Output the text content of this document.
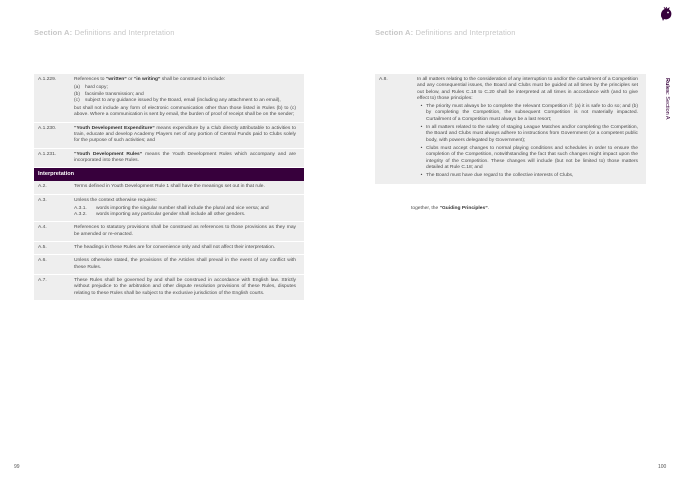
Section A: Definitions and Interpretation
A.1.229.	References to “written” or “in writing” shall be construed to include:

(a)	hard copy;
(b)	facsimile transmission; and
(c)	subject to any guidance issued by the Board, email (including any attachment to an email),

but shall not include any form of electronic communication other than those listed in Rules (b) to (c) above. Where a communication is sent by email, the burden of proof of receipt shall be on the sender;

A.1.230.	“Youth Development Expenditure” means expenditure by a Club directly attributable to activities to train, educate and develop Academy Players net of any portion of Central Funds paid to Clubs solely for the purpose of such activities; and
A.1.231.	“Youth Development Rules” means the Youth Development Rules which accompany and are incorporated into these Rules.
Interpretation
A.2.	Terms defined in Youth Development Rule 1 shall have the meanings set out in that rule.
A.3.	Unless the context otherwise requires:

A.3.1.	words importing the singular number shall include the plural and vice versa; and
A.3.2.	words importing any particular gender shall include all other genders.
A.4.	References to statutory provisions shall be construed as references to those provisions as they may be amended or re-enacted.
A.5.	The headings in these Rules are for convenience only and shall not affect their interpretation.
A.6.	Unless otherwise stated, the provisions of the Articles shall prevail in the event of any conflict with these Rules.
A.7.	These Rules shall be governed by and shall be construed in accordance with English law. Strictly without prejudice to the arbitration and other dispute resolution provisions of these Rules, disputes relating to these Rules shall be subject to the exclusive jurisdiction of the English courts.
99
Section A: Definitions and Interpretation
Rules: Section A
100
A.8.	In all matters relating to the consideration of any interruption to and/or the curtailment of a Competition and any consequential issues, the Board and Clubs must be guided at all times by the principles set out below, and Rules C.18 to C.20 shall be interpreted at all times in accordance with (and to give effect to) those principles:

• The priority must always be to complete the relevant Competition if: (a) it is safe to do so; and (b) by completing the Competition, the subsequent Competition is not materially impacted. Curtailment of a Competition must always be a last resort;
• In all matters related to the safety of staging League Matches and/or completing the Competition, the Board and Clubs must always adhere to instructions from Government (or a competent public body, with powers delegated by Government);
• Clubs must accept changes to normal playing conditions and schedules in order to ensure the completion of the Competition, notwithstanding the fact that such changes might impact upon the integrity of the Competition. These changes will include (but not be limited to) those matters detailed at Rule C.18; and
• The Board must have due regard to the collective interests of Clubs,
together, the “Guiding Principles”.
